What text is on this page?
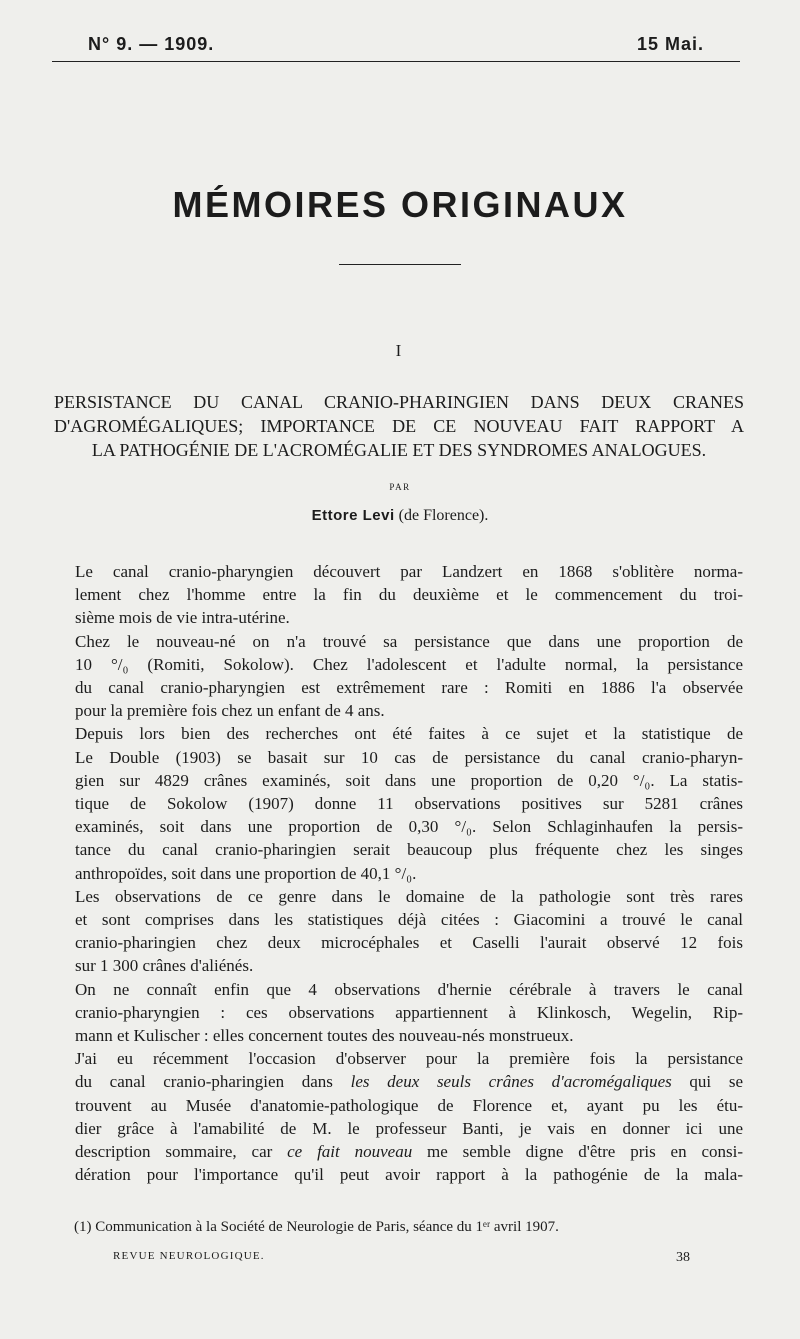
N° 9. — 1909.	15 Mai.
MÉMOIRES ORIGINAUX
I
PERSISTANCE DU CANAL CRANIO-PHARINGIEN DANS DEUX CRANES
D'AGROMÉGALIQUES; IMPORTANCE DE CE NOUVEAU FAIT RAPPORT A
LA PATHOGÉNIE DE L'ACROMÉGALIE ET DES SYNDROMES ANALOGUES.
PAR
Ettore Levi (de Florence).

Le canal cranio-pharyngien découvert par Landzert en 1868 s'oblitère norma-
lement chez l'homme entre la fin du deuxième et le commencement du troi-
sième mois de vie intra-utérine.

Chez le nouveau-né on n'a trouvé sa persistance que dans une proportion de
10 °/₀ (Romiti, Sokolow). Chez l'adolescent et l'adulte normal, la persistance
du canal cranio-pharyngien est extrêmement rare : Romiti en 1886 l'a observée
pour la première fois chez un enfant de 4 ans.

Depuis lors bien des recherches ont été faites à ce sujet et la statistique de
Le Double (1903) se basait sur 10 cas de persistance du canal cranio-pharyn-
gien sur 4829 crânes examinés, soit dans une proportion de 0,20 °/₀. La statis-
tique de Sokolow (1907) donne 11 observations positives sur 5281 crânes
examinés, soit dans une proportion de 0,30 °/₀. Selon Schlaginhaufen la persis-
tance du canal cranio-pharingien serait beaucoup plus fréquente chez les singes
anthropoïdes, soit dans une proportion de 40,1 °/₀.

Les observations de ce genre dans le domaine de la pathologie sont très rares
et sont comprises dans les statistiques déjà citées : Giacomini a trouvé le canal
cranio-pharingien chez deux microcéphales et Caselli l'aurait observé 12 fois
sur 1 300 crânes d'aliénés.

On ne connaît enfin que 4 observations d'hernie cérébrale à travers le canal
cranio-pharyngien : ces observations appartiennent à Klinkosch, Wegelin, Rip-
mann et Kulischer : elles concernent toutes des nouveau-nés monstrueux.

J'ai eu récemment l'occasion d'observer pour la première fois la persistance
du canal cranio-pharingien dans les deux seuls crânes d'acromégaliques qui se
trouvent au Musée d'anatomie-pathologique de Florence et, ayant pu les étu-
dier grâce à l'amabilité de M. le professeur Banti, je vais en donner ici une
description sommaire, car ce fait nouveau me semble digne d'être pris en consi-
dération pour l'importance qu'il peut avoir rapport à la pathogénie de la mala-

(1) Communication à la Société de Neurologie de Paris, séance du 1ᵉʳ avril 1907.
REVUE NEUROLOGIQUE.	38
